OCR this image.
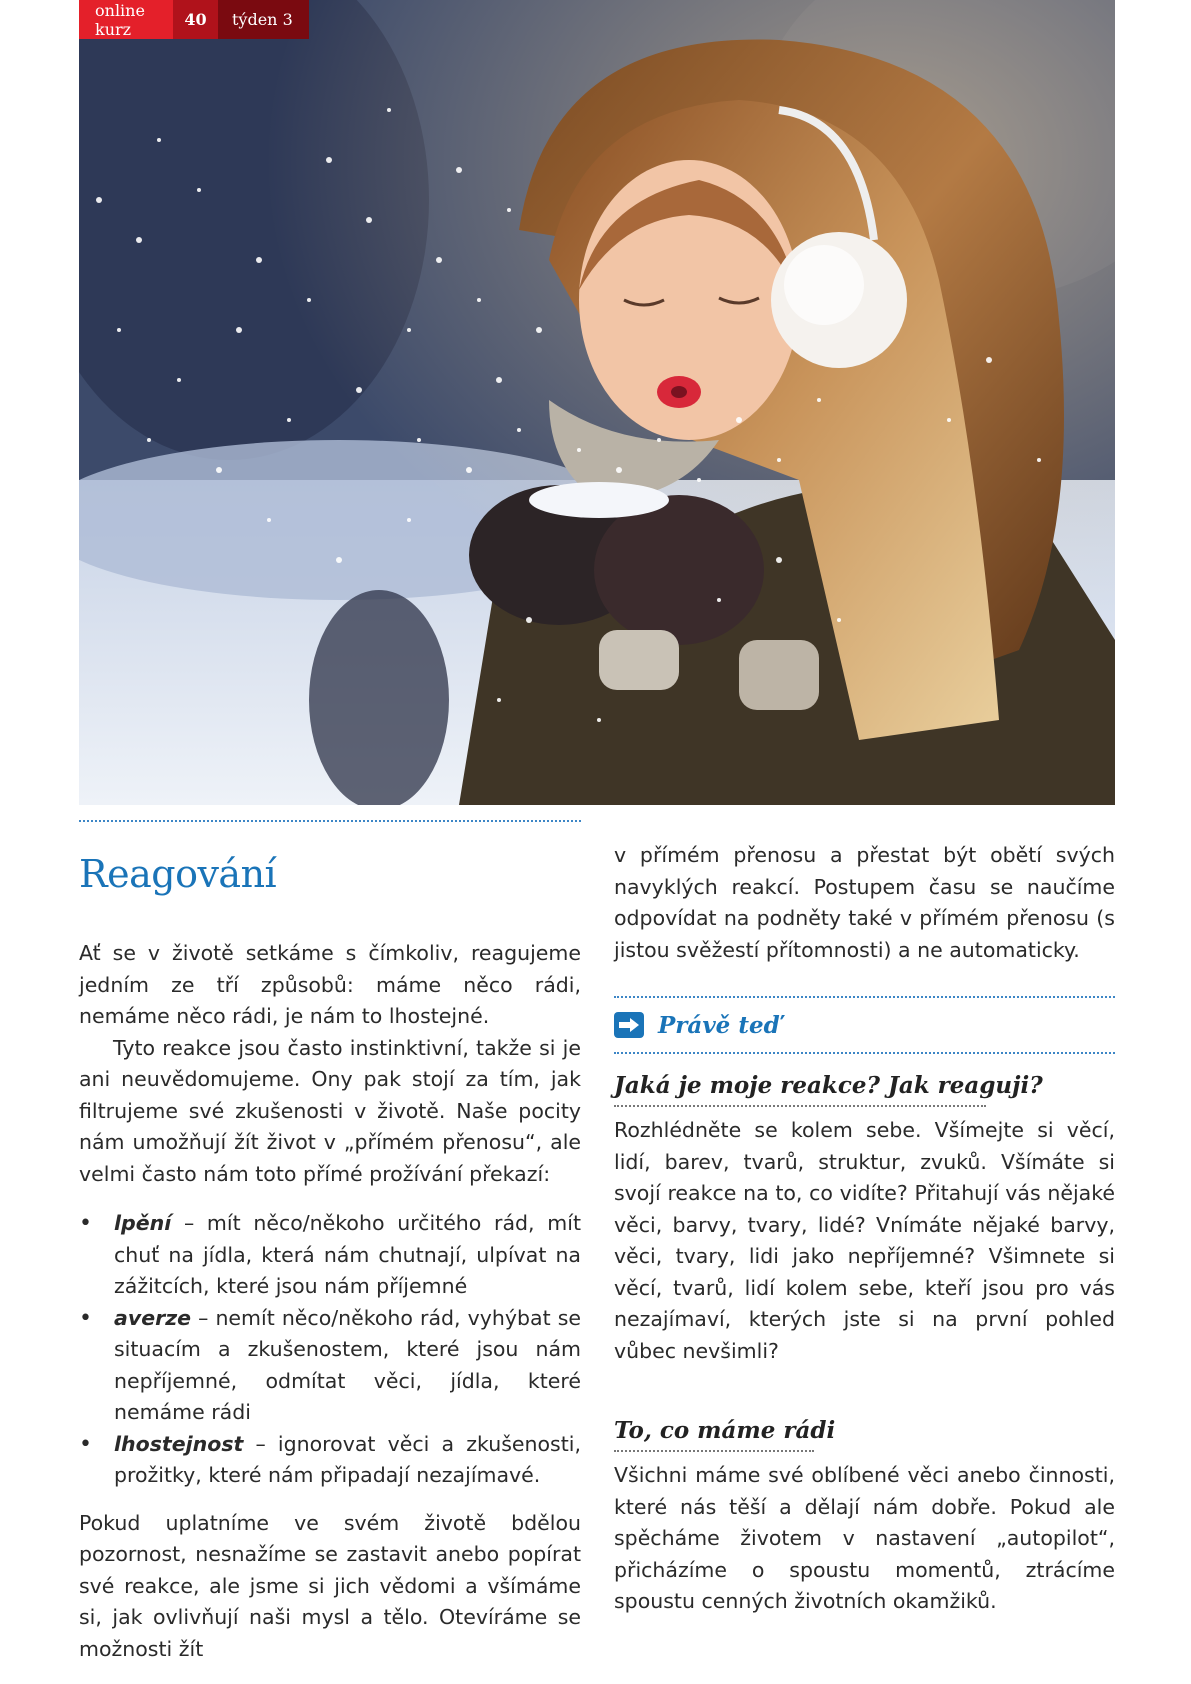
online kurz	40	týden 3
Reagování

Ať se v životě setkáme s čímkoliv, reagujeme jedním ze tří způsobů: máme něco rádi, nemáme něco rádi, je nám to lhostejné.

Tyto reakce jsou často instinktivní, takže si je ani neuvědomujeme. Ony pak stojí za tím, jak filtrujeme své zkušenosti v životě. Naše pocity nám umožňují žít život v „přímém přenosu“, ale velmi často nám toto přímé prožívání překazí:

• lpění – mít něco/někoho určitého rád, mít chuť na jídla, která nám chutnají, ulpívat na zážitcích, které jsou nám příjemné
• averze – nemít něco/někoho rád, vyhýbat se situacím a zkušenostem, které jsou nám nepříjemné, odmítat věci, jídla, které nemáme rádi
• lhostejnost – ignorovat věci a zkušenosti, prožitky, které nám připadají nezajímavé.

Pokud uplatníme ve svém životě bdělou pozornost, nesnažíme se zastavit anebo popírat své reakce, ale jsme si jich vědomi a všímáme si, jak ovlivňují naši mysl a tělo. Otevíráme se možnosti žít

v přímém přenosu a přestat být obětí svých navyklých reakcí. Postupem času se naučíme odpovídat na podněty také v přímém přenosu (s jistou svěžestí přítomnosti) a ne automaticky.

Právě teď
Jaká je moje reakce? Jak reaguji?

Rozhlédněte se kolem sebe. Všímejte si věcí, lidí, barev, tvarů, struktur, zvuků. Všímáte si svojí reakce na to, co vidíte? Přitahují vás nějaké věci, barvy, tvary, lidé? Vnímáte nějaké barvy, věci, tvary, lidi jako nepříjemné? Všimnete si věcí, tvarů, lidí kolem sebe, kteří jsou pro vás nezajímaví, kterých jste si na první pohled vůbec nevšimli?

To, co máme rádi

Všichni máme své oblíbené věci anebo činnosti, které nás těší a dělají nám dobře. Pokud ale spěcháme životem v nastavení „autopilot“, přicházíme o spoustu momentů, ztrácíme spoustu cenných životních okamžiků.
